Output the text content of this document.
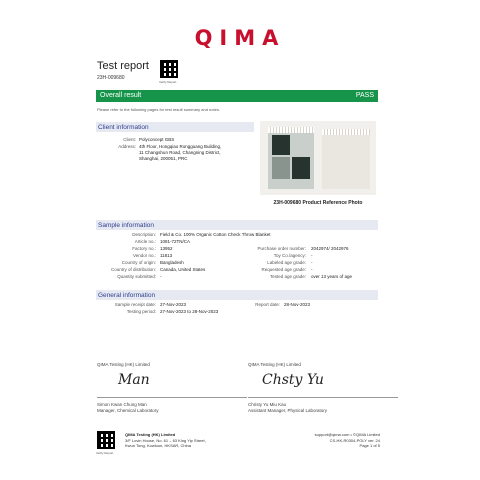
QIMA
Test report
23H-009680
Verify Report
Overall result	PASS
Please refer to the following pages for test result summary and notes.
Client information
Client: Polyconcept GBS
Address: 4th Floor, Hongqiao Rongguang Building,
11 Changshun Road, Changning District,
Shanghai, 200051, PRC
23H-009680 Product Reference Photo
Sample information
Description: Field & Co. 100% Organic Cotton Check Throw Blanket
Article no.: 1081-72TN/CA
Factory no.: 13952	Purchase order number: 2042974/ 2042976
Vendor no.: 11813	Toy Co./agency: -
Country of origin: Bangladesh	Labeled age grade: -
Country of distribution: Canada, United States	Requested age grade: -
Quantity submitted: -	Tested age grade: over 13 years of age
General information
Sample receipt date: 27-Nov-2023	Report date: 28-Nov-2023
Testing period: 27-Nov-2023 to 28-Nov-2023
QIMA Testing (HK) Limited
Man
Simon Kwan Chung Man
Manager, Chemical Laboratory
QIMA Testing (HK) Limited
Chsty Yu
Christy Yu Miu Kau
Assistant Manager, Physical Laboratory
Verify Report
QIMA Testing (HK) Limited
3/F Lovin House, No. 61 – 63 King Yip Street,
Kwun Tong, Kowloon, HKSAR, China
support@qima.com • ©QIMA Limited
CS-HK-R0304-POLY ver. 24
Page 1 of 5
